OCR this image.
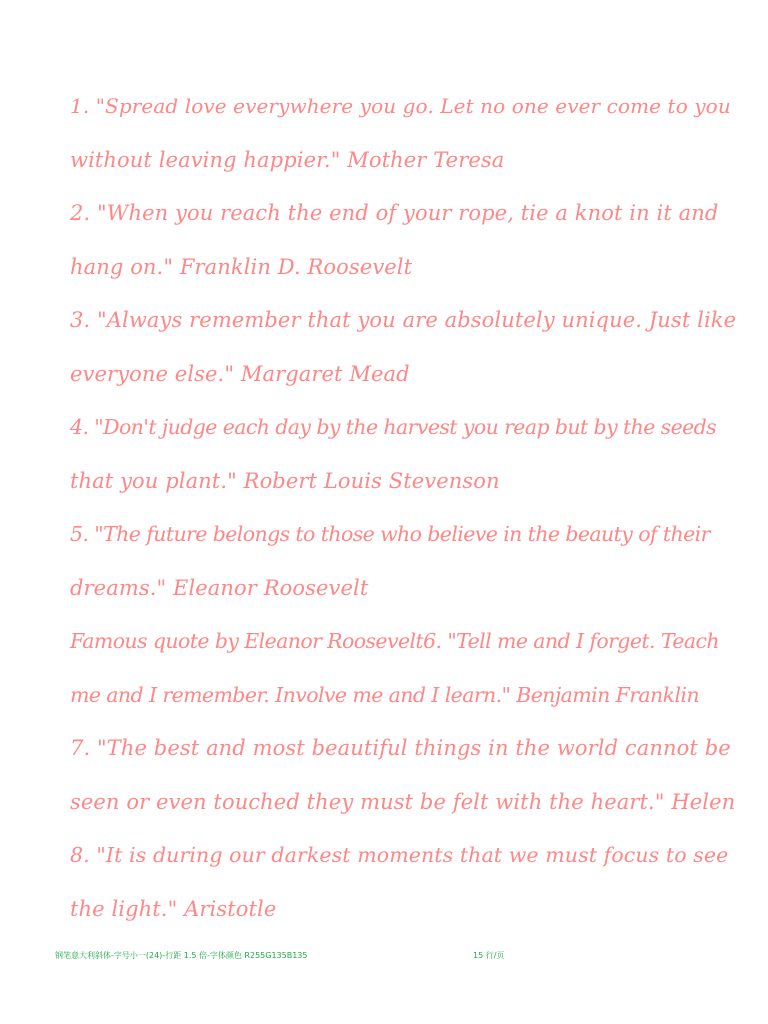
1. "Spread love everywhere you go. Let no one ever come to you
without leaving happier." Mother Teresa
2. "When you reach the end of your rope, tie a knot in it and
hang on." Franklin D. Roosevelt
3. "Always remember that you are absolutely unique. Just like
everyone else." Margaret Mead
4. "Don't judge each day by the harvest you reap but by the seeds
that you plant." Robert Louis Stevenson
5. "The future belongs to those who believe in the beauty of their
dreams." Eleanor Roosevelt
Famous quote by Eleanor Roosevelt6. "Tell me and I forget. Teach
me and I remember. Involve me and I learn." Benjamin Franklin
7. "The best and most beautiful things in the world cannot be
seen or even touched they must be felt with the heart." Helen
8. "It is during our darkest moments that we must focus to see
the light." Aristotle
钢笔意大利斜体-字号小一(24)-行距 1.5 倍-字体颜色 R255G135B135	15 行/页
